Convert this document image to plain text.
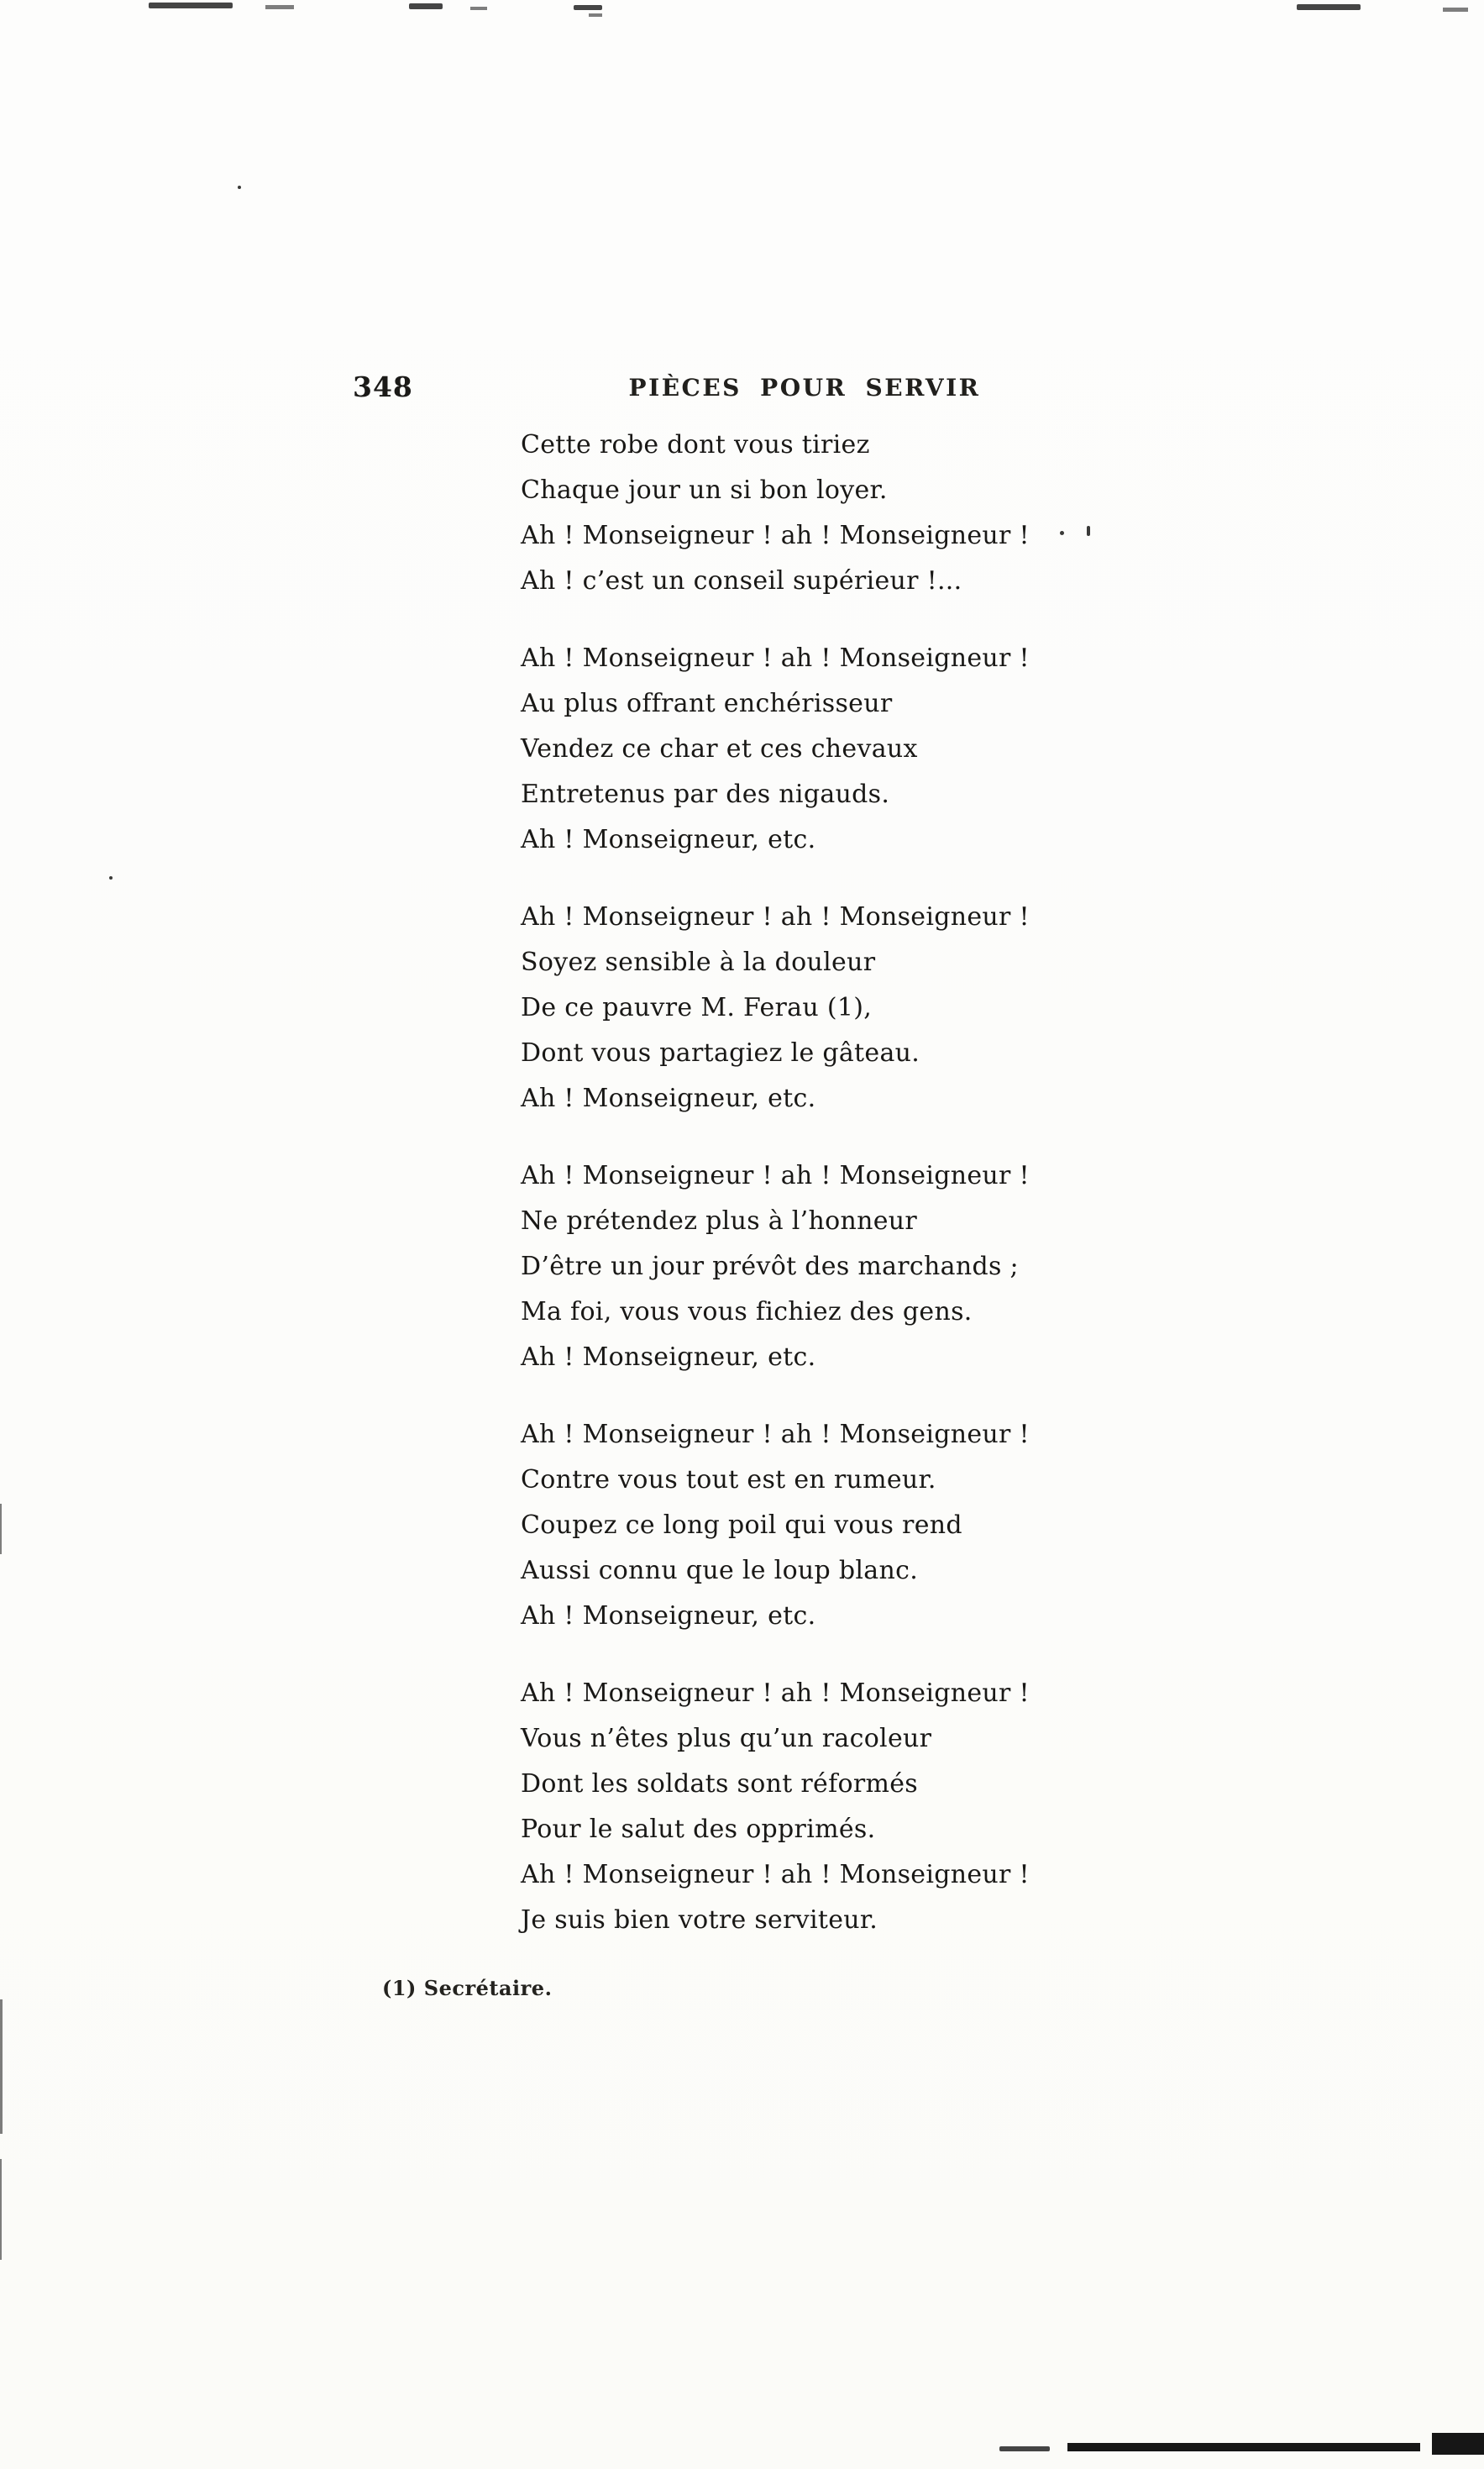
348	PIÈCES POUR SERVIR
Cette robe dont vous tiriez
Chaque jour un si bon loyer.
Ah ! Monseigneur ! ah ! Monseigneur !
Ah ! c’est un conseil supérieur !...
Ah ! Monseigneur ! ah ! Monseigneur !
Au plus offrant enchérisseur
Vendez ce char et ces chevaux
Entretenus par des nigauds.
Ah ! Monseigneur, etc.
Ah ! Monseigneur ! ah ! Monseigneur !
Soyez sensible à la douleur
De ce pauvre M. Ferau (1),
Dont vous partagiez le gâteau.
Ah ! Monseigneur, etc.
Ah ! Monseigneur ! ah ! Monseigneur !
Ne prétendez plus à l’honneur
D’être un jour prévôt des marchands ;
Ma foi, vous vous fichiez des gens.
Ah ! Monseigneur, etc.
Ah ! Monseigneur ! ah ! Monseigneur !
Contre vous tout est en rumeur.
Coupez ce long poil qui vous rend
Aussi connu que le loup blanc.
Ah ! Monseigneur, etc.
Ah ! Monseigneur ! ah ! Monseigneur !
Vous n’êtes plus qu’un racoleur
Dont les soldats sont réformés
Pour le salut des opprimés.
Ah ! Monseigneur ! ah ! Monseigneur !
Je suis bien votre serviteur.
(1) Secrétaire.
